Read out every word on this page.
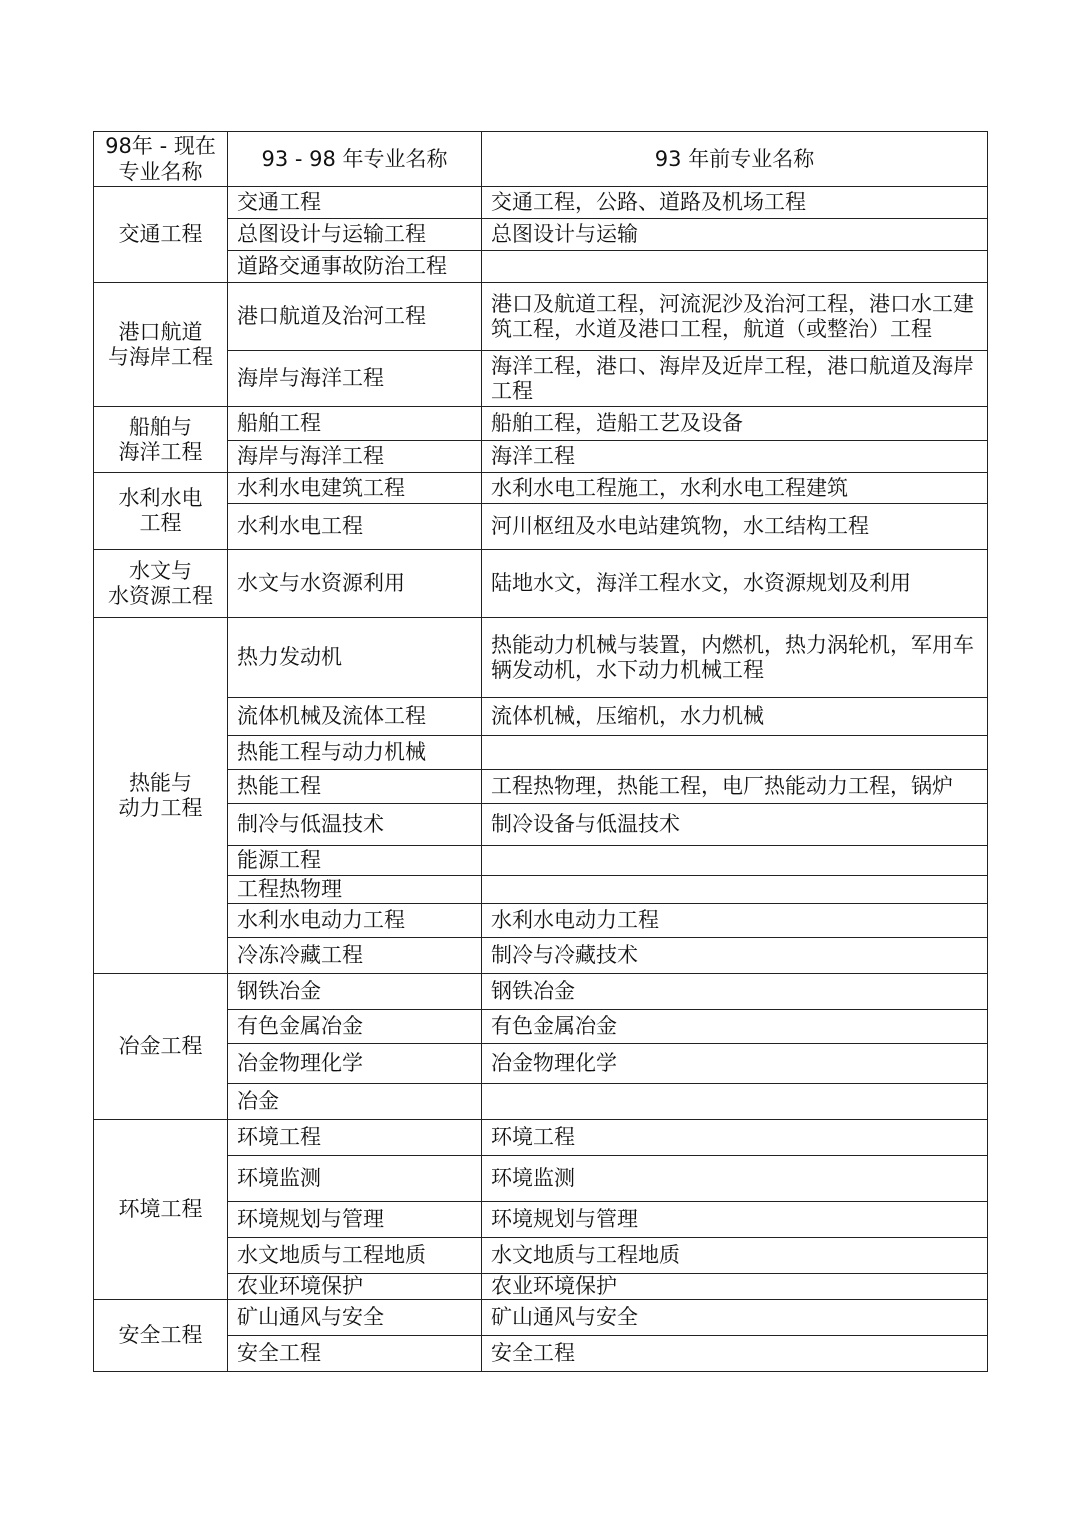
98年 - 现在
专业名称	93 - 98 年专业名称	93 年前专业名称
交通工程	交通工程	交通工程，公路、道路及机场工程
	总图设计与运输工程	总图设计与运输
	道路交通事故防治工程	
港口航道
与海岸工程	港口航道及治河工程	港口及航道工程，河流泥沙及治河工程，港口水工建筑工程，水道及港口工程，航道（或整治）工程
	海岸与海洋工程	海洋工程，港口、海岸及近岸工程，港口航道及海岸工程
船舶与
海洋工程	船舶工程	船舶工程，造船工艺及设备
	海岸与海洋工程	海洋工程
水利水电
工程	水利水电建筑工程	水利水电工程施工，水利水电工程建筑
	水利水电工程	河川枢纽及水电站建筑物，水工结构工程
水文与
水资源工程	水文与水资源利用	陆地水文，海洋工程水文，水资源规划及利用
热能与
动力工程	热力发动机	热能动力机械与装置，内燃机，热力涡轮机，军用车辆发动机，水下动力机械工程
	流体机械及流体工程	流体机械，压缩机，水力机械
	热能工程与动力机械	
	热能工程	工程热物理，热能工程，电厂热能动力工程，锅炉
	制冷与低温技术	制冷设备与低温技术
	能源工程	
	工程热物理	
	水利水电动力工程	水利水电动力工程
	冷冻冷藏工程	制冷与冷藏技术
冶金工程	钢铁冶金	钢铁冶金
	有色金属冶金	有色金属冶金
	冶金物理化学	冶金物理化学
	冶金	
环境工程	环境工程	环境工程
	环境监测	环境监测
	环境规划与管理	环境规划与管理
	水文地质与工程地质	水文地质与工程地质
	农业环境保护	农业环境保护
安全工程	矿山通风与安全	矿山通风与安全
	安全工程	安全工程
